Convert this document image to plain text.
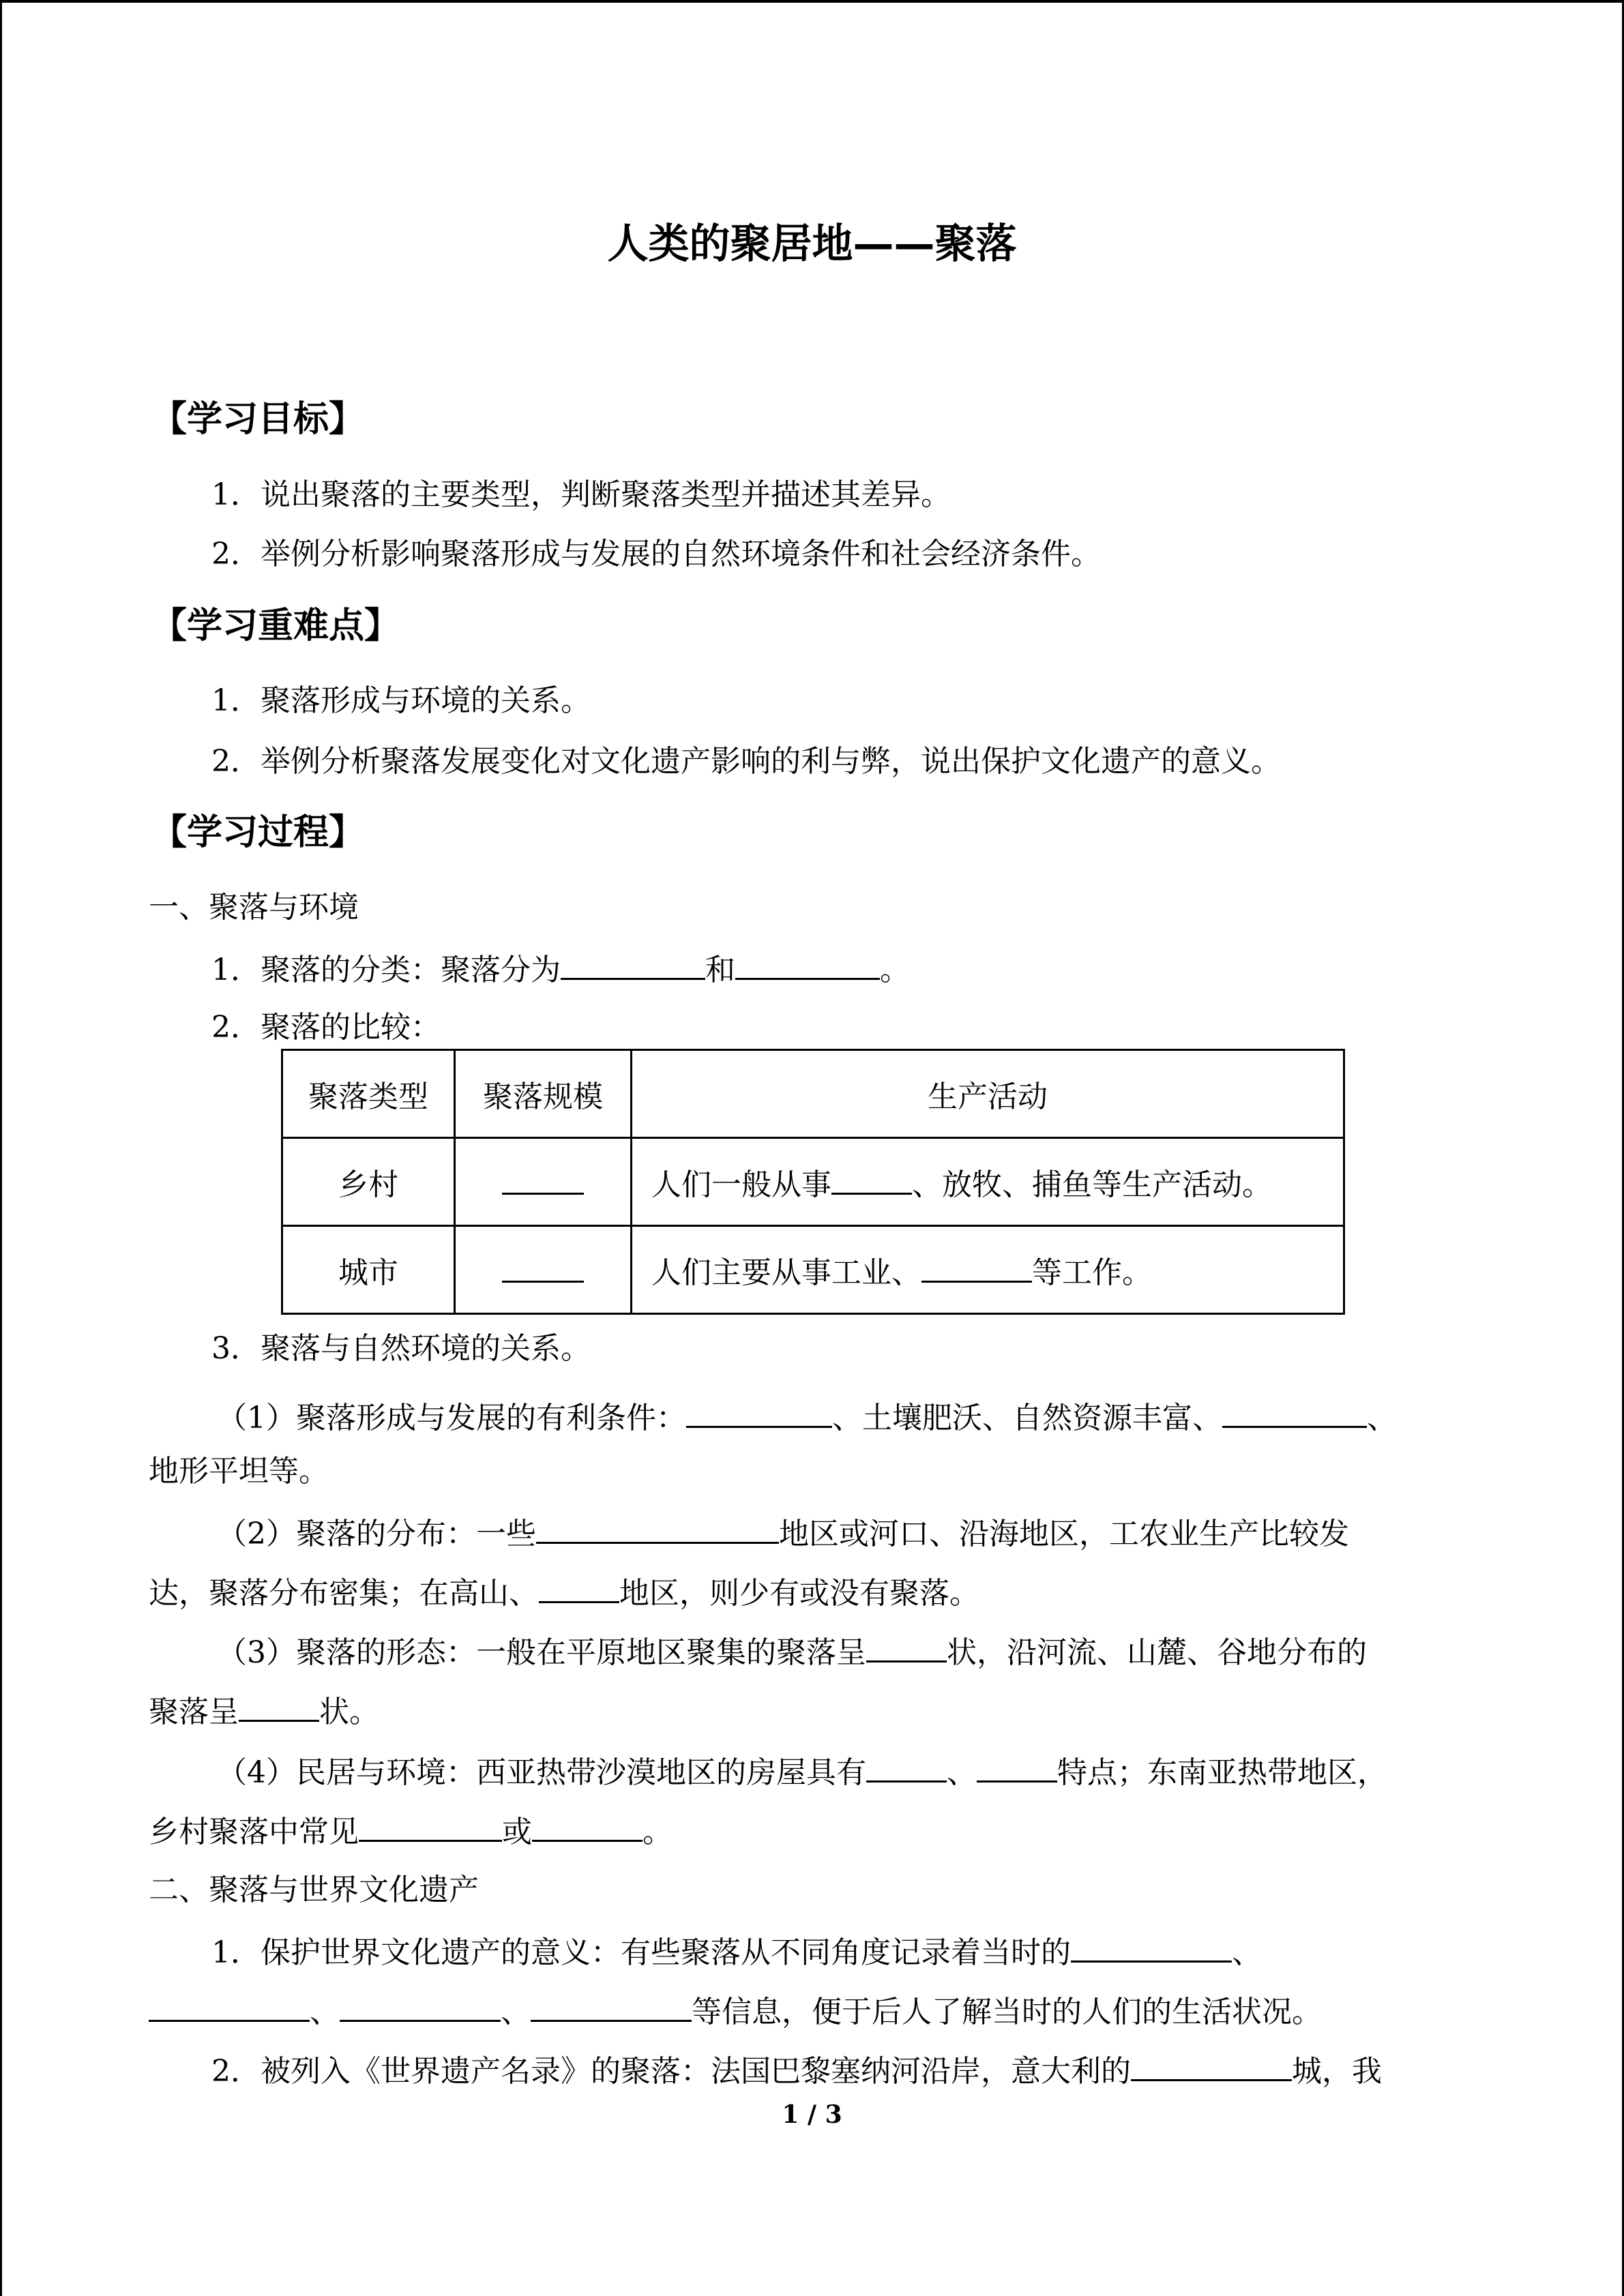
人类的聚居地——聚落
【学习目标】
1．说出聚落的主要类型，判断聚落类型并描述其差异。
2．举例分析影响聚落形成与发展的自然环境条件和社会经济条件。
【学习重难点】
1．聚落形成与环境的关系。
2．举例分析聚落发展变化对文化遗产影响的利与弊，说出保护文化遗产的意义。
【学习过程】
一、聚落与环境
1．聚落的分类：聚落分为	和	。
2．聚落的比较：
聚落类型	聚落规模	生产活动
乡村		人们一般从事 、放牧、捕鱼等生产活动。
城市		人们主要从事工业、 等工作。
3．聚落与自然环境的关系。
（1）聚落形成与发展的有利条件：	、土壤肥沃、自然资源丰富、	、
地形平坦等。
（2）聚落的分布：一些	地区或河口、沿海地区，工农业生产比较发
达，聚落分布密集；在高山、	地区，则少有或没有聚落。
（3）聚落的形态：一般在平原地区聚集的聚落呈	状，沿河流、山麓、谷地分布的
聚落呈	状。
（4）民居与环境：西亚热带沙漠地区的房屋具有	、	特点；东南亚热带地区，
乡村聚落中常见	或	。
二、聚落与世界文化遗产
1．保护世界文化遗产的意义：有些聚落从不同角度记录着当时的	、
、	、	等信息，便于后人了解当时的人们的生活状况。
2．被列入《世界遗产名录》的聚落：法国巴黎塞纳河沿岸，意大利的	城，我
1 / 3
